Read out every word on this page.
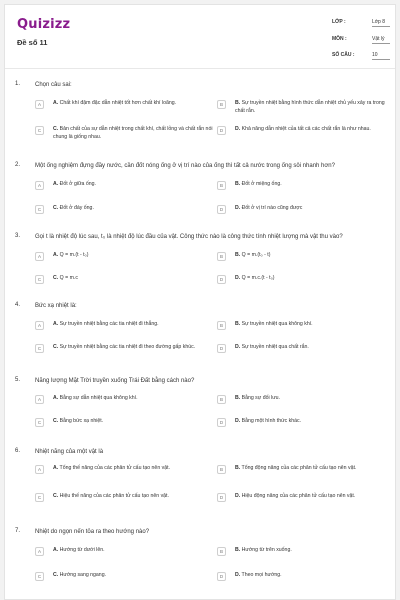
Quizizz
Đề số 11
LỚP :	Lớp 8
MÔN :	Vật lý
SỐ CÂU :	10
1. Chọn câu sai:
A	A. Chất khí đậm đặc dẫn nhiệt tốt hơn chất khí loãng.	B	B. Sự truyền nhiệt bằng hình thức dẫn nhiệt chủ yếu xảy ra trong chất rắn.
C	C. Bản chất của sự dẫn nhiệt trong chất khí, chất lỏng và chất rắn nói chung là giống nhau.
D	D. Khả năng dẫn nhiệt của tất cả các chất rắn là như nhau.
2. Một ống nghiệm đựng đầy nước, cần đốt nóng ống ở vị trí nào của ống thì tất cả nước trong ống sôi nhanh hơn?
A	A. Đốt ở giữa ống.	B	B. Đốt ở miệng ống.
C	C. Đốt ở đáy ống.	D	D. Đốt ở vị trí nào cũng được
3. Gọi t là nhiệt độ lúc sau, t₀ là nhiệt độ lúc đầu của vật. Công thức nào là công thức tính nhiệt lượng mà vật thu vào?
A	A. Q = m.(t - t₀)	B	B. Q = m.(t₀ - t)
C	C. Q = m.c	D	D. Q = m.c.(t - t₀)
4. Bức xạ nhiệt là:
A	A. Sự truyền nhiệt bằng các tia nhiệt đi thẳng.	B	B. Sự truyền nhiệt qua không khí.
C	C. Sự truyền nhiệt bằng các tia nhiệt đi theo đường gấp khúc.	D	D. Sự truyền nhiệt qua chất rắn.
5. Năng lượng Mặt Trời truyền xuống Trái Đất bằng cách nào?
A	A. Bằng sự dẫn nhiệt qua không khí.	B	B. Bằng sự đối lưu.
C	C. Bằng bức xạ nhiệt.	D	D. Bằng một hình thức khác.
6. Nhiệt năng của một vật là
A	A. Tổng thế năng của các phân tử cấu tạo nên vật.	B	B. Tổng động năng của các phân tử cấu tạo nên vật.
C	C. Hiệu thế năng của các phân tử cấu tạo nên vật.	D	D. Hiệu động năng của các phân tử cấu tạo nên vật.
7. Nhiệt do ngọn nến tỏa ra theo hướng nào?
A	A. Hướng từ dưới lên.	B	B. Hướng từ trên xuống.
C	C. Hướng sang ngang.	D	D. Theo mọi hướng.
